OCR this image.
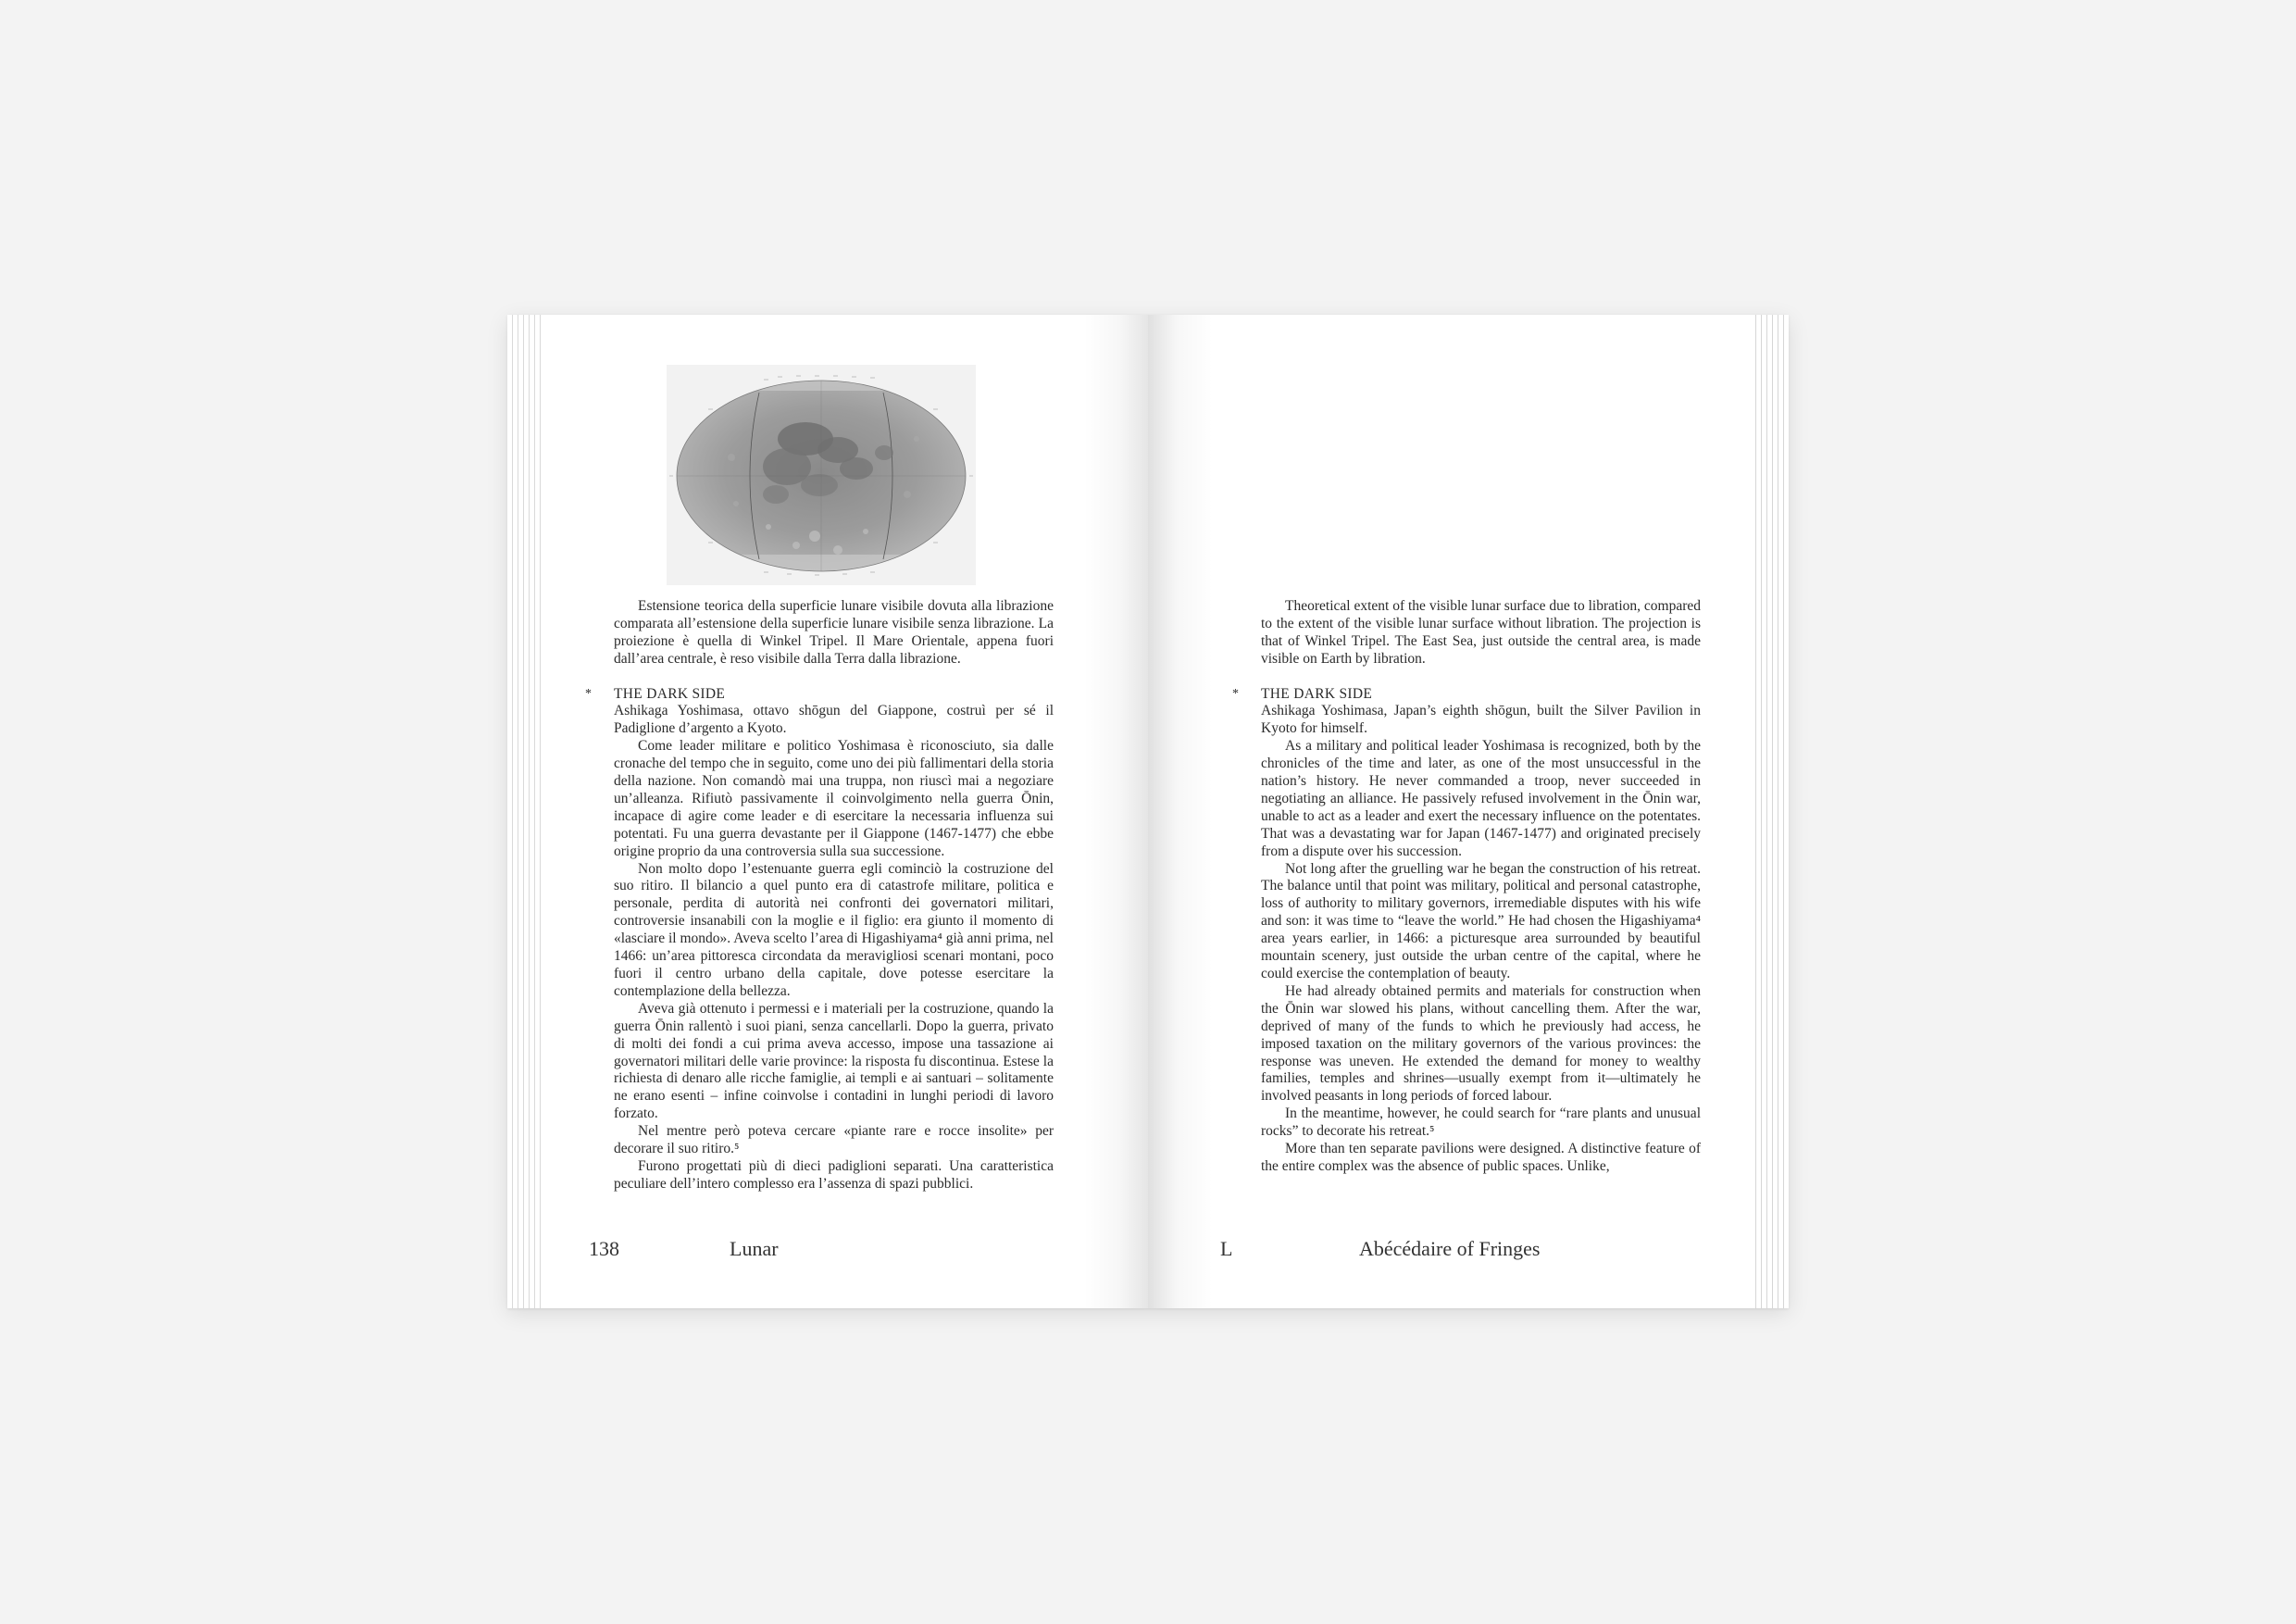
Estensione teorica della superficie lunare visibile dovuta alla librazione comparata all’estensione della superficie lunare visibile senza librazione. La proiezione è quella di Winkel Tripel. Il Mare Orientale, appena fuori dall’area centrale, è reso visibile dalla Terra dalla librazione.

* THE DARK SIDE

Ashikaga Yoshimasa, ottavo shōgun del Giappone, costruì per sé il Padiglione d’argento a Kyoto.

Come leader militare e politico Yoshimasa è riconosciuto, sia dalle cronache del tempo che in seguito, come uno dei più fallimentari della storia della nazione. Non comandò mai una truppa, non riuscì mai a negoziare un’alleanza. Rifiutò passivamente il coinvolgimento nella guerra Ōnin, incapace di agire come leader e di esercitare la necessaria influenza sui potentati. Fu una guerra devastante per il Giappone (1467-1477) che ebbe origine proprio da una controversia sulla sua successione.

Non molto dopo l’estenuante guerra egli cominciò la costruzione del suo ritiro. Il bilancio a quel punto era di catastrofe militare, politica e personale, perdita di autorità nei confronti dei governatori militari, controversie insanabili con la moglie e il figlio: era giunto il momento di «lasciare il mondo». Aveva scelto l’area di Higashiyama⁴ già anni prima, nel 1466: un’area pittoresca circondata da meravigliosi scenari montani, poco fuori il centro urbano della capitale, dove potesse esercitare la contemplazione della bellezza.

Aveva già ottenuto i permessi e i materiali per la costruzione, quando la guerra Ōnin rallentò i suoi piani, senza cancellarli. Dopo la guerra, privato di molti dei fondi a cui prima aveva accesso, impose una tassazione ai governatori militari delle varie province: la risposta fu discontinua. Estese la richiesta di denaro alle ricche famiglie, ai templi e ai santuari – solitamente ne erano esenti – infine coinvolse i contadini in lunghi periodi di lavoro forzato.

Nel mentre però poteva cercare «piante rare e rocce insolite» per decorare il suo ritiro.⁵

Furono progettati più di dieci padiglioni separati. Una caratteristica peculiare dell’intero complesso era l’assenza di spazi pubblici.

138	Lunar

Theoretical extent of the visible lunar surface due to libration, compared to the extent of the visible lunar surface without libration. The projection is that of Winkel Tripel. The East Sea, just outside the central area, is made visible on Earth by libration.

* THE DARK SIDE

Ashikaga Yoshimasa, Japan’s eighth shōgun, built the Silver Pavilion in Kyoto for himself.

As a military and political leader Yoshimasa is recognized, both by the chronicles of the time and later, as one of the most unsuccessful in the nation’s history. He never commanded a troop, never succeeded in negotiating an alliance. He passively refused involvement in the Ōnin war, unable to act as a leader and exert the necessary influence on the potentates. That was a devastating war for Japan (1467-1477) and originated precisely from a dispute over his succession.

Not long after the gruelling war he began the construction of his retreat. The balance until that point was military, political and personal catastrophe, loss of authority to military governors, irremediable disputes with his wife and son: it was time to “leave the world.” He had chosen the Higashiyama⁴ area years earlier, in 1466: a picturesque area surrounded by beautiful mountain scenery, just outside the urban centre of the capital, where he could exercise the contemplation of beauty.

He had already obtained permits and materials for construction when the Ōnin war slowed his plans, without cancelling them. After the war, deprived of many of the funds to which he previously had access, he imposed taxation on the military governors of the various provinces: the response was uneven. He extended the demand for money to wealthy families, temples and shrines—usually exempt from it—ultimately he involved peasants in long periods of forced labour.

In the meantime, however, he could search for “rare plants and unusual rocks” to decorate his retreat.⁵

More than ten separate pavilions were designed. A distinctive feature of the entire complex was the absence of public spaces. Unlike,

L	Abécédaire of Fringes
